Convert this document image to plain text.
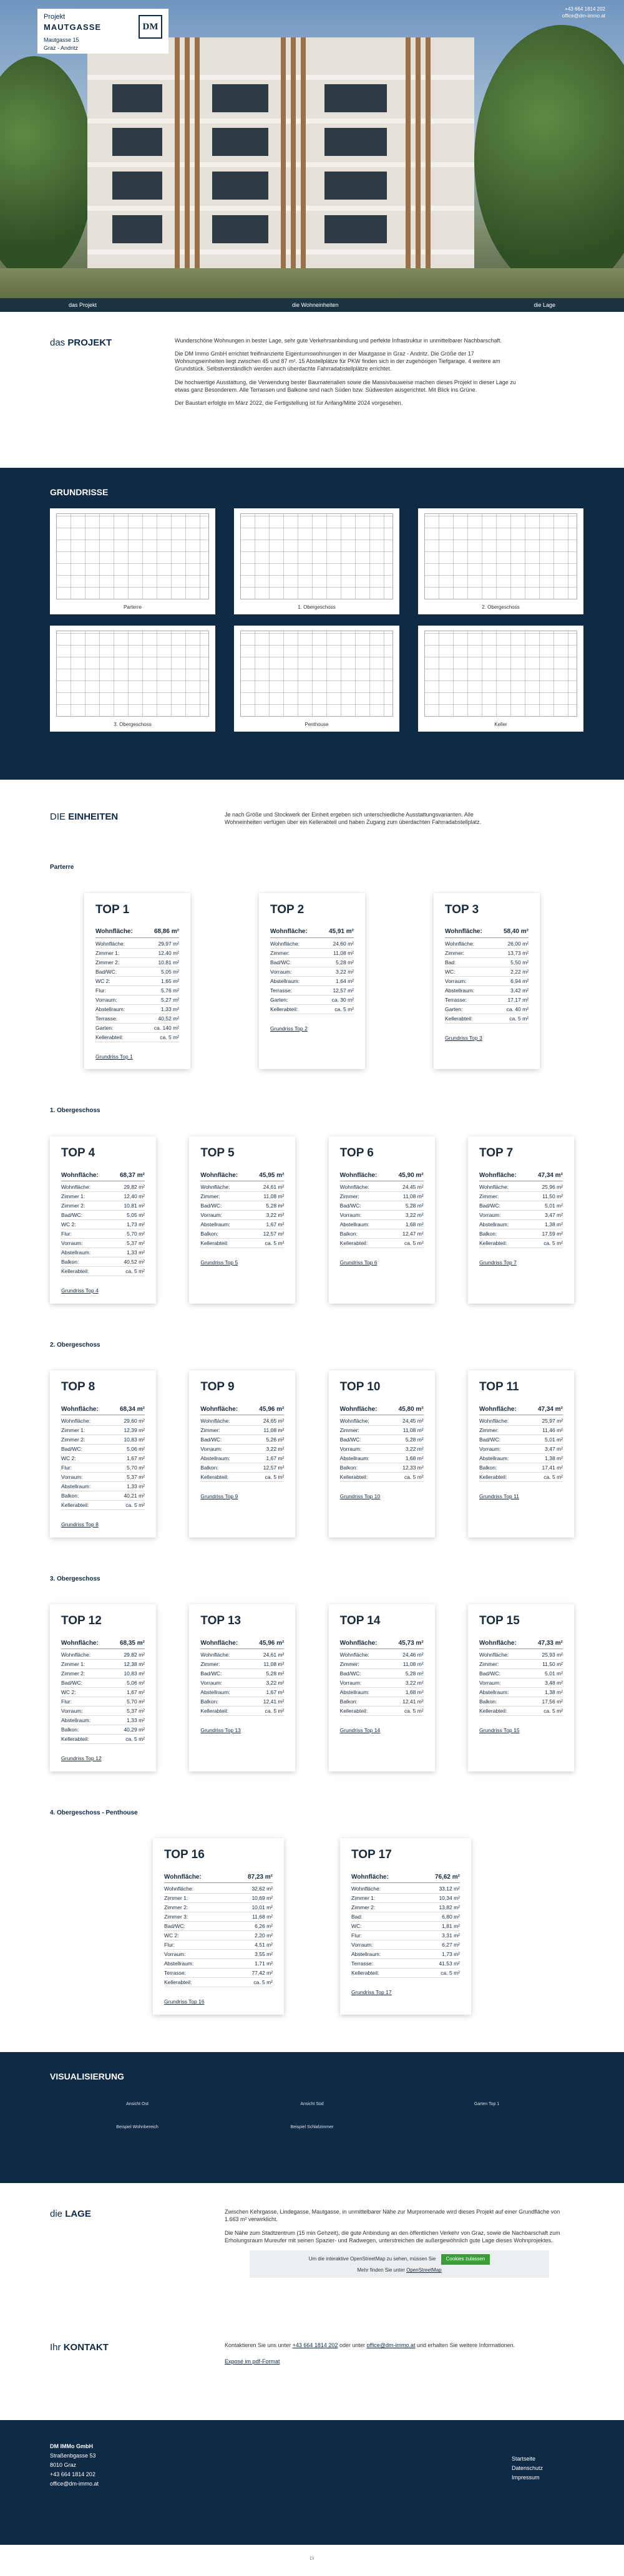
Projekt
MAUTGASSE
Mautgasse 15
Graz - Andritz
DM
+43 664 1814 202
office@dm-immo.at
das Projekt	die Wohneinheiten	die Lage
das PROJEKT	Wunderschöne Wohnungen in bester Lage, sehr gute Verkehrsanbindung und perfekte Infrastruktur in unmittelbarer Nachbarschaft.

Die DM Immo GmbH errichtet freifinanzierte Eigentumswohnungen in der Mautgasse in Graz - Andritz. Die Größe der 17 Wohnungseinheiten liegt zwischen 45 und 87 m². 15 Abstellplätze für PKW finden sich in der zugehörigen Tiefgarage. 4 weitere am Grundstück. Selbstverständlich werden auch überdachte Fahrradabstellplätze errichtet.

Die hochwertige Ausstattung, die Verwendung bester Baumaterialien sowie die Massivbauweise machen dieses Projekt in dieser Lage zu etwas ganz Besonderem. Alle Terrassen und Balkone sind nach Süden bzw. Südwesten ausgerichtet. Mit Blick ins Grüne.

Der Baustart erfolgte im März 2022, die Fertigstellung ist für Anfang/Mitte 2024 vorgesehen.

GRUNDRISSE
Parterre	1. Obergeschoss	2. Obergeschoss
3. Obergeschoss	Penthouse	Keller
DIE EINHEITEN	Je nach Größe und Stockwerk der Einheit ergeben sich unterschiedliche Ausstattungsvarianten. Alle Wohneinheiten verfügen über ein Kellerabteil und haben Zugang zum überdachten Fahrradabstellplatz.
Parterre
TOP 1
Wohnfläche:	68,86 m²
Wohnfläche:	29,97 m²
Zimmer 1:	12,40 m²
Zimmer 2:	10,81 m²
Bad/WC:	5,05 m²
WC 2:	1,65 m²
Flur:	5,76 m²
Vorraum:	5,27 m²
Abstellraum:	1,33 m²
Terrasse:	40,52 m²
Garten:	ca. 140 m²
Kellerabteil:	ca. 5 m²
Grundriss Top 1
TOP 2
Wohnfläche:	45,91 m²
Wohnfläche:	24,60 m²
Zimmer:	11,08 m²
Bad/WC:	5,28 m²
Vorraum:	3,22 m²
Abstellraum:	1,64 m²
Terrasse:	12,57 m²
Garten:	ca. 30 m²
Kellerabteil:	ca. 5 m²
Grundriss Top 2
TOP 3
Wohnfläche:	58,40 m²
Wohnfläche:	26,00 m²
Zimmer:	13,73 m²
Bad:	5,50 m²
WC:	2,22 m²
Vorraum:	6,94 m²
Abstellraum:	3,42 m²
Terrasse:	17,17 m²
Garten:	ca. 40 m²
Kellerabteil:	ca. 5 m²
Grundriss Top 3
1. Obergeschoss
TOP 4
Wohnfläche:	68,37 m²
Wohnfläche:	29,82 m²
Zimmer 1:	12,40 m²
Zimmer 2:	10,81 m²
Bad/WC:	5,05 m²
WC 2:	1,73 m²
Flur:	5,70 m²
Vorraum:	5,37 m²
Abstellraum:	1,33 m²
Balkon:	40,52 m²
Kellerabteil:	ca. 5 m²
Grundriss Top 4
TOP 5
Wohnfläche:	45,95 m²
Wohnfläche:	24,61 m²
Zimmer:	11,08 m²
Bad/WC:	5,28 m²
Vorraum:	3,22 m²
Abstellraum:	1,67 m²
Balkon:	12,57 m²
Kellerabteil:	ca. 5 m²
Grundriss Top 5
TOP 6
Wohnfläche:	45,90 m²
Wohnfläche:	24,45 m²
Zimmer:	11,08 m²
Bad/WC:	5,28 m²
Vorraum:	3,22 m²
Abstellraum:	1,68 m²
Balkon:	12,47 m²
Kellerabteil:	ca. 5 m²
Grundriss Top 6
TOP 7
Wohnfläche:	47,34 m²
Wohnfläche:	25,96 m²
Zimmer:	11,50 m²
Bad/WC:	5,01 m²
Vorraum:	3,47 m²
Abstellraum:	1,38 m²
Balkon:	17,59 m²
Kellerabteil:	ca. 5 m²
Grundriss Top 7
2. Obergeschoss
TOP 8
Wohnfläche:	68,34 m²
Wohnfläche:	29,60 m²
Zimmer 1:	12,39 m²
Zimmer 2:	10,83 m²
Bad/WC:	5,06 m²
WC 2:	1,67 m²
Flur:	5,70 m²
Vorraum:	5,37 m²
Abstellraum:	1,33 m²
Balkon:	40,21 m²
Kellerabteil:	ca. 5 m²
Grundriss Top 8
TOP 9
Wohnfläche:	45,96 m²
Wohnfläche:	24,65 m²
Zimmer:	11,08 m²
Bad/WC:	5,26 m²
Vorraum:	3,22 m²
Abstellraum:	1,67 m²
Balkon:	12,57 m²
Kellerabteil:	ca. 5 m²
Grundriss Top 9
TOP 10
Wohnfläche:	45,80 m²
Wohnfläche:	24,45 m²
Zimmer:	11,08 m²
Bad/WC:	5,28 m²
Vorraum:	3,22 m²
Abstellraum:	1,68 m²
Balkon:	12,33 m²
Kellerabteil:	ca. 5 m²
Grundriss Top 10
TOP 11
Wohnfläche:	47,34 m²
Wohnfläche:	25,97 m²
Zimmer:	11,46 m²
Bad/WC:	5,01 m²
Vorraum:	3,47 m²
Abstellraum:	1,38 m²
Balkon:	17,41 m²
Kellerabteil:	ca. 5 m²
Grundriss Top 11
3. Obergeschoss
TOP 12
Wohnfläche:	68,35 m²
Wohnfläche:	29,82 m²
Zimmer 1:	12,38 m²
Zimmer 2:	10,83 m²
Bad/WC:	5,06 m²
WC 2:	1,67 m²
Flur:	5,70 m²
Vorraum:	5,37 m²
Abstellraum:	1,33 m²
Balkon:	40,29 m²
Kellerabteil:	ca. 5 m²
Grundriss Top 12
TOP 13
Wohnfläche:	45,96 m²
Wohnfläche:	24,61 m²
Zimmer:	11,08 m²
Bad/WC:	5,28 m²
Vorraum:	3,22 m²
Abstellraum:	1,67 m²
Balkon:	12,41 m²
Kellerabteil:	ca. 5 m²
Grundriss Top 13
TOP 14
Wohnfläche:	45,73 m²
Wohnfläche:	24,46 m²
Zimmer:	11,08 m²
Bad/WC:	5,28 m²
Vorraum:	3,22 m²
Abstellraum:	1,68 m²
Balkon:	12,41 m²
Kellerabteil:	ca. 5 m²
Grundriss Top 14
TOP 15
Wohnfläche:	47,33 m²
Wohnfläche:	25,93 m²
Zimmer:	11,50 m²
Bad/WC:	5,01 m²
Vorraum:	3,48 m²
Abstellraum:	1,38 m²
Balkon:	17,56 m²
Kellerabteil:	ca. 5 m²
Grundriss Top 15
4. Obergeschoss - Penthouse
TOP 16
Wohnfläche:	87,23 m²
Wohnfläche:	32,62 m²
Zimmer 1:	10,69 m²
Zimmer 2:	10,01 m²
Zimmer 3:	11,68 m²
Bad/WC:	6,26 m²
WC 2:	2,20 m²
Flur:	4,51 m²
Vorraum:	3,55 m²
Abstellraum:	1,71 m²
Terrasse:	77,42 m²
Kellerabteil:	ca. 5 m²
Grundriss Top 16
TOP 17
Wohnfläche:	76,62 m²
Wohnfläche:	33,12 m²
Zimmer 1:	10,34 m²
Zimmer 2:	13,82 m²
Bad:	6,80 m²
WC:	1,81 m²
Flur:	3,31 m²
Vorraum:	6,27 m²
Abstellraum:	1,73 m²
Terrasse:	41,53 m²
Kellerabteil:	ca. 5 m²
Grundriss Top 17
VISUALISIERUNG
Ansicht Ost	Ansicht Süd	Garten Top 1
Beispiel Wohnbereich	Beispiel Schlafzimmer
die LAGE	Zwischen Kehrgasse, Lindegasse, Mautgasse, in unmittelbarer Nähe zur Murpromenade wird dieses Projekt auf einer Grundfläche von 1.663 m² verwirklicht.

Die Nähe zum Stadtzentrum (15 min Gehzeit), die gute Anbindung an den öffentlichen Verkehr von Graz, sowie die Nachbarschaft zum Erholungsraum Mureufer mit seinen Spazier- und Radwegen, unterstreichen die außergewöhnlich gute Lage dieses Wohnprojektes.

Um die interaktive OpenStreetMap zu sehen, müssen Sie Cookies zulassen
Mehr finden Sie unter OpenStreetMap
Ihr KONTAKT	Kontaktieren Sie uns unter +43 664 1814 202 oder unter office@dm-immo.at und erhalten Sie weitere Informationen.

Exposé im pdf-Format

DM IMMo GmbH
Straßenbgasse 53
8010 Graz
+43 664 1814 202
office@dm-immo.at
Startseite
Datenschutz
Impressum
DI
